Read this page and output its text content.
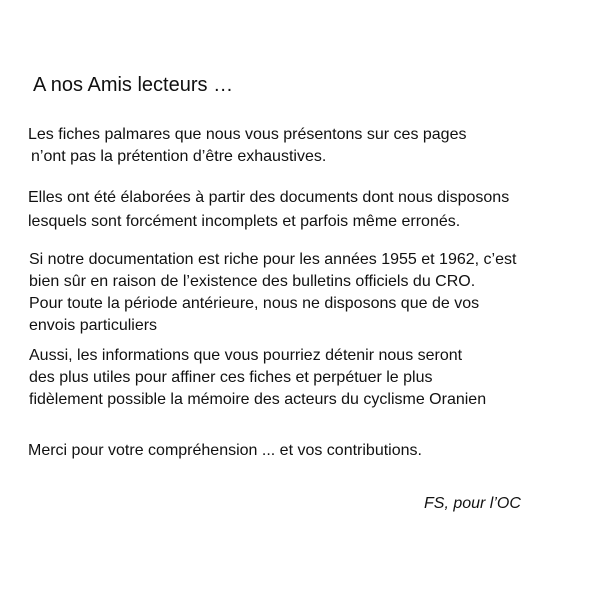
A nos Amis lecteurs …
Les fiches palmares que nous vous présentons sur ces pages
n’ont pas la prétention d’être exhaustives.
Elles ont été élaborées à partir des documents dont nous disposons
lesquels sont forcément incomplets et parfois même erronés.
Si notre documentation est riche pour les années 1955 et 1962, c’est
bien sûr en raison de l’existence des bulletins officiels du CRO.
Pour toute la période antérieure, nous ne disposons que de vos
envois particuliers
Aussi, les informations que vous pourriez détenir nous seront
des plus utiles pour affiner ces fiches et perpétuer le plus
fidèlement possible la mémoire des acteurs du cyclisme Oranien
Merci pour votre compréhension ... et vos contributions.
FS, pour l’OC
